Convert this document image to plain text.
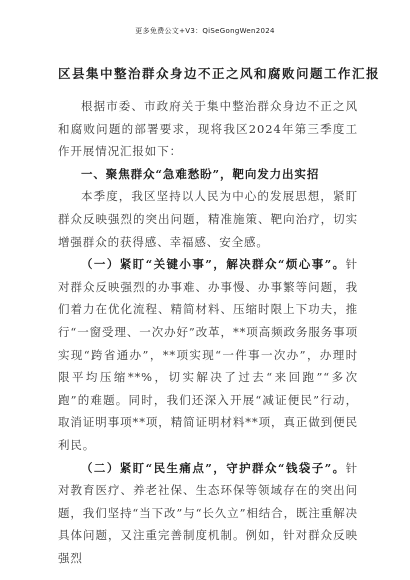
更多免费公文+V3：QiSeGongWen2024
区县集中整治群众身边不正之风和腐败问题工作汇报

根据市委、市政府关于集中整治群众身边不正之风和腐败问题的部署要求，现将我区2024年第三季度工作开展情况汇报如下：

一、聚焦群众“急难愁盼”，靶向发力出实招

本季度，我区坚持以人民为中心的发展思想，紧盯群众反映强烈的突出问题，精准施策、靶向治疗，切实增强群众的获得感、幸福感、安全感。

（一）紧盯“关键小事”，解决群众“烦心事”。针对群众反映强烈的办事难、办事慢、办事繁等问题，我们着力在优化流程、精简材料、压缩时限上下功夫，推行“一窗受理、一次办好”改革，**项高频政务服务事项实现“跨省通办”，**项实现“一件事一次办”，办理时限平均压缩**%，切实解决了过去“来回跑”“多次跑”的难题。同时，我们还深入开展“减证便民”行动，取消证明事项**项，精简证明材料**项，真正做到便民利民。

（二）紧盯“民生痛点”，守护群众“钱袋子”。针对教育医疗、养老社保、生态环保等领域存在的突出问题，我们坚持“当下改”与“长久立”相结合，既注重解决具体问题，又注重完善制度机制。例如，针对群众反映强烈
